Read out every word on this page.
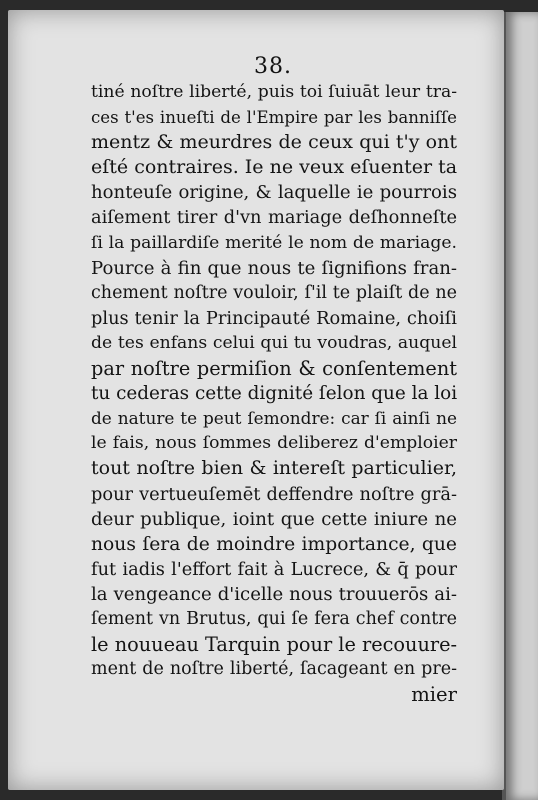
38.
tiné noſtre liberté, puis toi ſuiuāt leur tra-
ces t'es inueſti de l'Empire par les banniſſe
mentz & meurdres de ceux qui t'y ont
eſté contraires. Ie ne veux eſuenter ta
honteuſe origine, & laquelle ie pourrois
aiſement tirer d'vn mariage deſhonneſte
ſi la paillardiſe merité le nom de mariage.
Pource à fin que nous te ſignifions fran-
chement noſtre vouloir, ſ'il te plaiſt de ne
plus tenir la Principauté Romaine, choiſi
de tes enfans celui qui tu voudras, auquel
par noſtre permiſion & conſentement
tu cederas cette dignité ſelon que la loi
de nature te peut ſemondre: car ſi ainſi ne
le fais, nous ſommes deliberez d'emploier
tout noſtre bien & intereſt particulier,
pour vertueuſemēt deffendre noſtre grā-
deur publique, ioint que cette iniure ne
nous ſera de moindre importance, que
fut iadis l'effort fait à Lucrece, & q̄ pour
la vengeance d'icelle nous trouuerōs ai-
ſement vn Brutus, qui ſe fera chef contre
le nouueau Tarquin pour le recouure-
ment de noſtre liberté, ſacageant en pre-
mier
